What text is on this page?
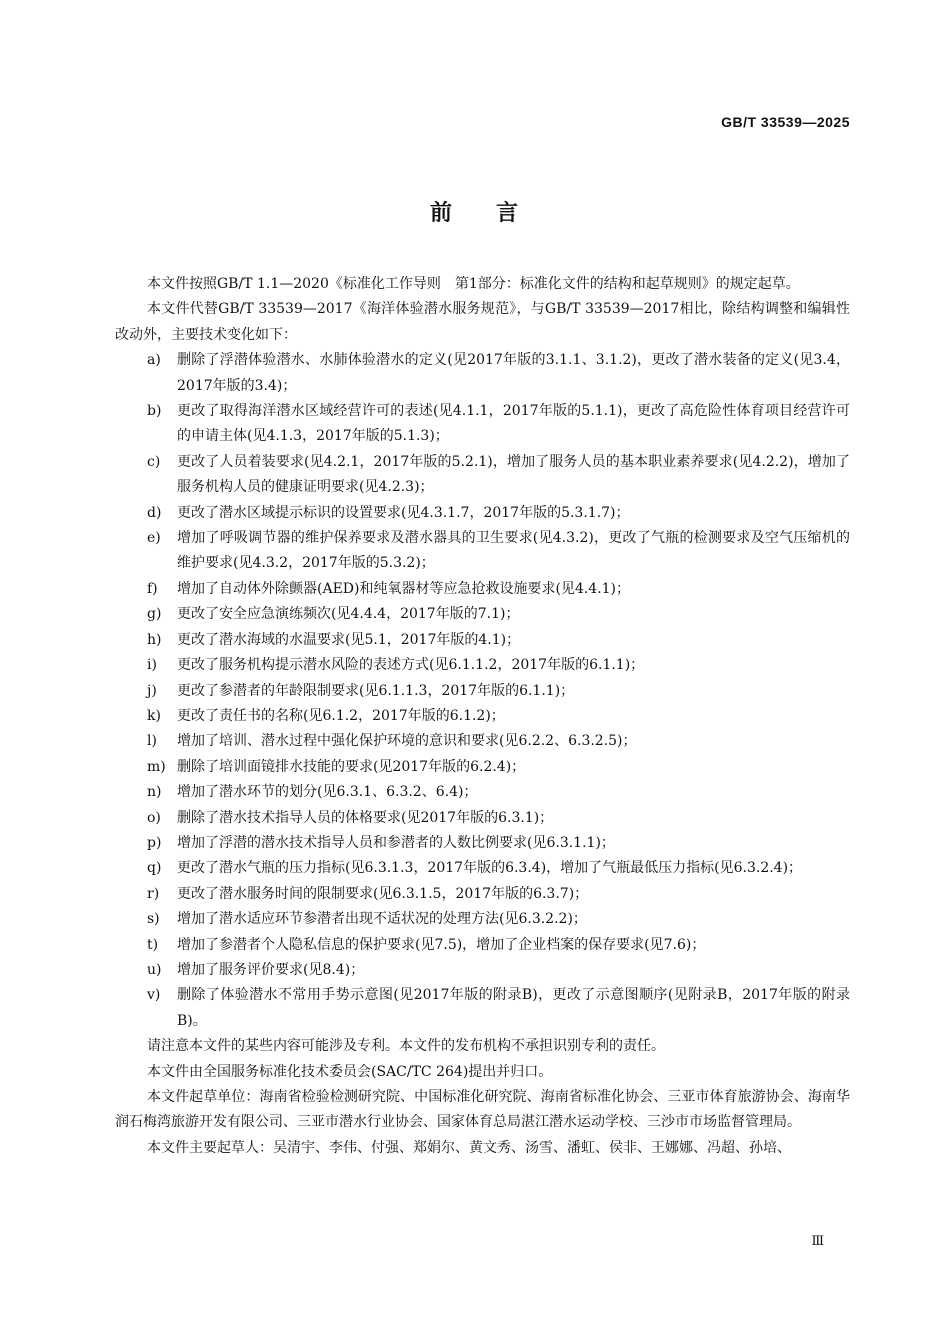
GB/T 33539—2025
前 言

本文件按照GB/T 1.1—2020《标准化工作导则　第1部分：标准化文件的结构和起草规则》的规定起草。

本文件代替GB/T 33539—2017《海洋体验潜水服务规范》，与GB/T 33539—2017相比，除结构调整和编辑性改动外，主要技术变化如下：

a)	删除了浮潜体验潜水、水肺体验潜水的定义(见2017年版的3.1.1、3.1.2)，更改了潜水装备的定义(见3.4，2017年版的3.4)；
b)	更改了取得海洋潜水区域经营许可的表述(见4.1.1，2017年版的5.1.1)，更改了高危险性体育项目经营许可的申请主体(见4.1.3，2017年版的5.1.3)；
c)	更改了人员着装要求(见4.2.1，2017年版的5.2.1)，增加了服务人员的基本职业素养要求(见4.2.2)，增加了服务机构人员的健康证明要求(见4.2.3)；
d)	更改了潜水区域提示标识的设置要求(见4.3.1.7，2017年版的5.3.1.7)；
e)	增加了呼吸调节器的维护保养要求及潜水器具的卫生要求(见4.3.2)，更改了气瓶的检测要求及空气压缩机的维护要求(见4.3.2，2017年版的5.3.2)；
f)	增加了自动体外除颤器(AED)和纯氧器材等应急抢救设施要求(见4.4.1)；
g)	更改了安全应急演练频次(见4.4.4，2017年版的7.1)；
h)	更改了潜水海域的水温要求(见5.1，2017年版的4.1)；
i)	更改了服务机构提示潜水风险的表述方式(见6.1.1.2，2017年版的6.1.1)；
j)	更改了参潜者的年龄限制要求(见6.1.1.3，2017年版的6.1.1)；
k)	更改了责任书的名称(见6.1.2，2017年版的6.1.2)；
l)	增加了培训、潜水过程中强化保护环境的意识和要求(见6.2.2、6.3.2.5)；
m) 删除了培训面镜排水技能的要求(见2017年版的6.2.4)；
n)	增加了潜水环节的划分(见6.3.1、6.3.2、6.4)；
o)	删除了潜水技术指导人员的体格要求(见2017年版的6.3.1)；
p)	增加了浮潜的潜水技术指导人员和参潜者的人数比例要求(见6.3.1.1)；
q)	更改了潜水气瓶的压力指标(见6.3.1.3，2017年版的6.3.4)，增加了气瓶最低压力指标(见6.3.2.4)；
r)	更改了潜水服务时间的限制要求(见6.3.1.5，2017年版的6.3.7)；
s)	增加了潜水适应环节参潜者出现不适状况的处理方法(见6.3.2.2)；
t)	增加了参潜者个人隐私信息的保护要求(见7.5)，增加了企业档案的保存要求(见7.6)；
u)	增加了服务评价要求(见8.4)；
v)	删除了体验潜水不常用手势示意图(见2017年版的附录B)，更改了示意图顺序(见附录B，2017年版的附录B)。

请注意本文件的某些内容可能涉及专利。本文件的发布机构不承担识别专利的责任。

本文件由全国服务标准化技术委员会(SAC/TC 264)提出并归口。

本文件起草单位：海南省检验检测研究院、中国标准化研究院、海南省标准化协会、三亚市体育旅游协会、海南华润石梅湾旅游开发有限公司、三亚市潜水行业协会、国家体育总局湛江潜水运动学校、三沙市市场监督管理局。

本文件主要起草人：吴清宇、李伟、付强、郑娟尔、黄文秀、汤雪、潘虹、侯非、王娜娜、冯超、孙培、

Ⅲ
